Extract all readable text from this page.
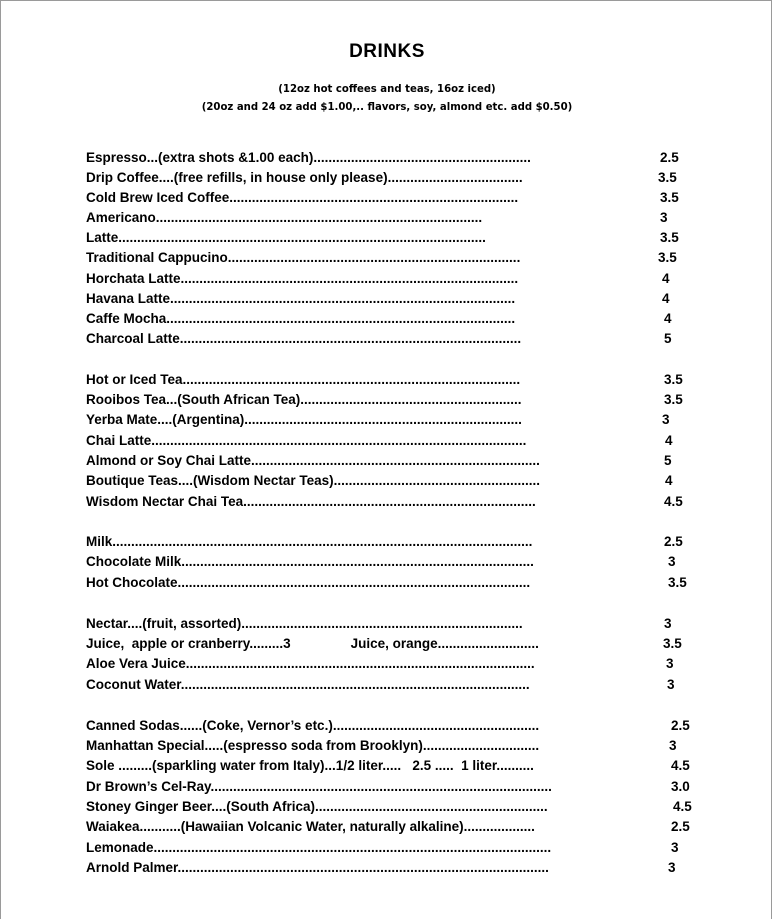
DRINKS
(12oz hot coffees and teas, 16oz iced)
(20oz and 24 oz add $1.00,.. flavors, soy, almond etc. add $0.50)
Espresso...(extra shots &1.00 each)..........................................................	2.5
Drip Coffee....(free refills, in house only please)....................................	3.5
Cold Brew Iced Coffee.............................................................................	3.5
Americano.......................................................................................	3
Latte..................................................................................................	3.5
Traditional Cappucino..............................................................................	3.5
Horchata Latte..........................................................................................	4
Havana Latte............................................................................................	4
Caffe Mocha.............................................................................................	4
Charcoal Latte...........................................................................................	5
Hot or Iced Tea..........................................................................................	3.5
Rooibos Tea...(South African Tea)...........................................................	3.5
Yerba Mate....(Argentina)..........................................................................	3
Chai Latte....................................................................................................	4
Almond or Soy Chai Latte.............................................................................	5
Boutique Teas....(Wisdom Nectar Teas).......................................................	4
Wisdom Nectar Chai Tea..............................................................................	4.5
Milk................................................................................................................	2.5
Chocolate Milk..............................................................................................	3
Hot Chocolate..............................................................................................	3.5
Nectar....(fruit, assorted)...........................................................................	3
Juice,  apple or cranberry.........3                Juice, orange...........................	3.5
Aloe Vera Juice.............................................................................................	3
Coconut Water.............................................................................................	3
Canned Sodas......(Coke, Vernor’s etc.).......................................................	2.5
Manhattan Special.....(espresso soda from Brooklyn)...............................	3
Sole .........(sparkling water from Italy)...1/2 liter.....   2.5 .....  1 liter..........	4.5
Dr Brown’s Cel-Ray...........................................................................................	3.0
Stoney Ginger Beer....(South Africa)..............................................................	4.5
Waiakea...........(Hawaiian Volcanic Water, naturally alkaline)...................	2.5
Lemonade..........................................................................................................	3
Arnold Palmer...................................................................................................	3
